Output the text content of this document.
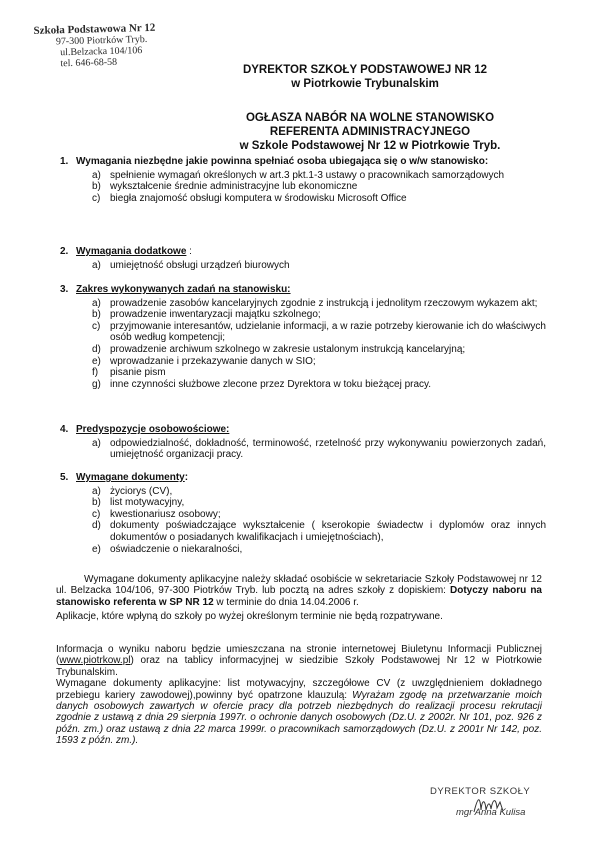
Szkoła Podstawowa Nr 12
97-300 Piotrków Tryb.
ul.Belzacka 104/106
tel. 646-68-58
DYREKTOR SZKOŁY PODSTAWOWEJ NR 12
w Piotrkowie Trybunalskim
OGŁASZA NABÓR NA WOLNE STANOWISKO
REFERENTA ADMINISTRACYJNEGO
w Szkole Podstawowej Nr 12 w Piotrkowie Tryb.
1. Wymagania niezbędne jakie powinna spełniać osoba ubiegająca się o w/w stanowisko:
a) spełnienie wymagań określonych w art.3 pkt.1-3 ustawy o pracownikach samorządowych
b) wykształcenie średnie administracyjne lub ekonomiczne
c) biegła znajomość obsługi komputera w środowisku Microsoft Office
2. Wymagania dodatkowe :
a) umiejętność obsługi urządzeń biurowych
3. Zakres wykonywanych zadań na stanowisku:
a) prowadzenie zasobów kancelaryjnych zgodnie z instrukcją i jednolitym rzeczowym wykazem akt;
b) prowadzenie inwentaryzacji majątku szkolnego;
c) przyjmowanie interesantów, udzielanie informacji, a w razie potrzeby kierowanie ich do właściwych osób według kompetencji;
d) prowadzenie archiwum szkolnego w zakresie ustalonym instrukcją kancelaryjną;
e) wprowadzanie i przekazywanie danych w SIO;
f) pisanie pism
g) inne czynności służbowe zlecone przez Dyrektora w toku bieżącej pracy.
4. Predyspozycje osobowościowe:
a) odpowiedzialność, dokładność, terminowość, rzetelność przy wykonywaniu powierzonych zadań, umiejętność organizacji pracy.
5. Wymagane dokumenty:
a) życiorys (CV),
b) list motywacyjny,
c) kwestionariusz osobowy;
d) dokumenty poświadczające wykształcenie ( kserokopie świadectw i dyplomów oraz innych dokumentów o posiadanych kwalifikacjach i umiejętnościach),
e) oświadczenie o niekaralności,
Wymagane dokumenty aplikacyjne należy składać osobiście w sekretariacie Szkoły Podstawowej nr 12 ul. Belzacka 104/106, 97-300 Piotrków Tryb. lub pocztą na adres szkoły z dopiskiem: Dotyczy naboru na stanowisko referenta w SP NR 12 w terminie do dnia 14.04.2006 r.
Aplikacje, które wpłyną do szkoły po wyżej określonym terminie nie będą rozpatrywane.
Informacja o wyniku naboru będzie umieszczana na stronie internetowej Biuletynu Informacji Publicznej (www.piotrkow.pl) oraz na tablicy informacyjnej w siedzibie Szkoły Podstawowej Nr 12 w Piotrkowie Trybunalskim.
Wymagane dokumenty aplikacyjne: list motywacyjny, szczegółowe CV (z uwzględnieniem dokładnego przebiegu kariery zawodowej),powinny być opatrzone klauzulą: Wyrażam zgodę na przetwarzanie moich danych osobowych zawartych w ofercie pracy dla potrzeb niezbędnych do realizacji procesu rekrutacji zgodnie z ustawą z dnia 29 sierpnia 1997r. o ochronie danych osobowych (Dz.U. z 2002r. Nr 101, poz. 926 z późn. zm.) oraz ustawą z dnia 22 marca 1999r. o pracownikach samorządowych (Dz.U. z 2001r Nr 142, poz. 1593 z późn. zm.).
DYREKTOR SZKOŁY
mgr Anna Kulisa
